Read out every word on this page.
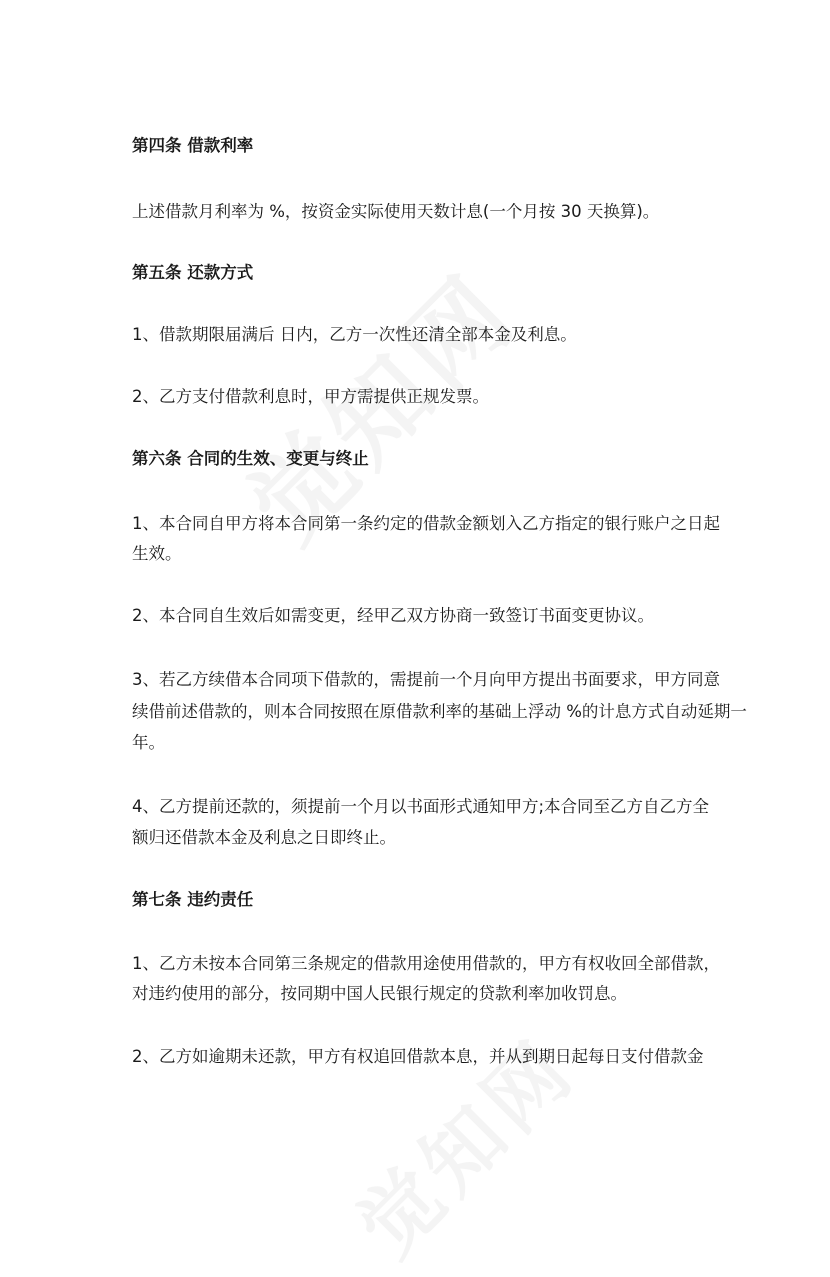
第四条 借款利率
上述借款月利率为 %，按资金实际使用天数计息(一个月按 30 天换算)。
第五条 还款方式
1、借款期限届满后 日内，乙方一次性还清全部本金及利息。
2、乙方支付借款利息时，甲方需提供正规发票。
第六条 合同的生效、变更与终止
1、本合同自甲方将本合同第一条约定的借款金额划入乙方指定的银行账户之日起
生效。
2、本合同自生效后如需变更，经甲乙双方协商一致签订书面变更协议。
3、若乙方续借本合同项下借款的，需提前一个月向甲方提出书面要求，甲方同意
续借前述借款的，则本合同按照在原借款利率的基础上浮动 %的计息方式自动延期一
年。
4、乙方提前还款的，须提前一个月以书面形式通知甲方;本合同至乙方自乙方全
额归还借款本金及利息之日即终止。
第七条 违约责任
1、乙方未按本合同第三条规定的借款用途使用借款的，甲方有权收回全部借款，
对违约使用的部分，按同期中国人民银行规定的贷款利率加收罚息。
2、乙方如逾期未还款，甲方有权追回借款本息，并从到期日起每日支付借款金
